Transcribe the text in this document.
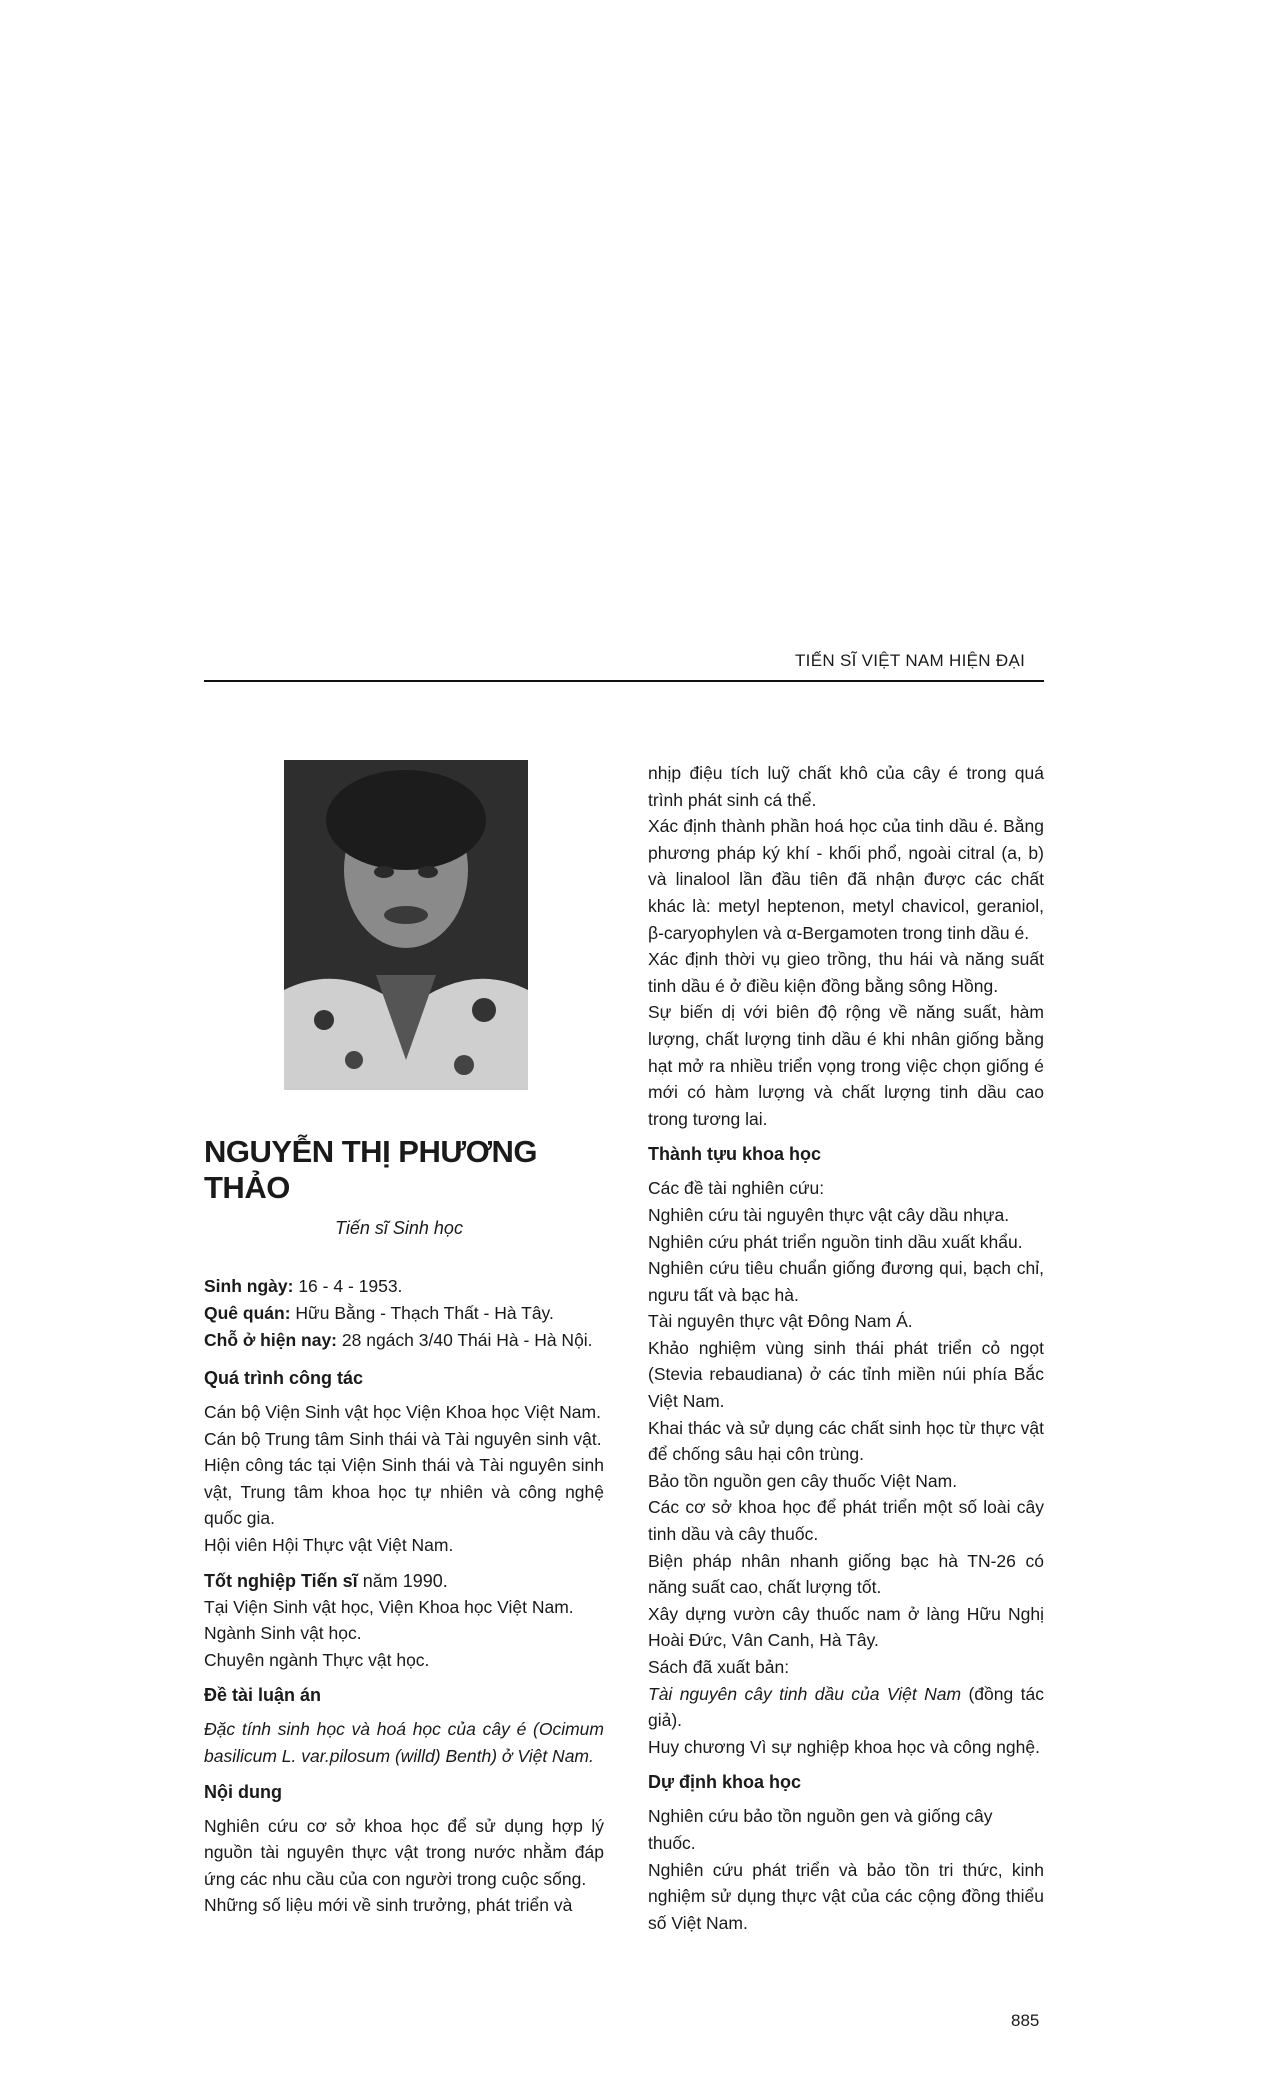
TIẾN SĨ VIỆT NAM HIỆN ĐẠI
NGUYỄN THỊ PHƯƠNG THẢO
Tiến sĩ Sinh học
Sinh ngày: 16 - 4 - 1953.
Quê quán: Hữu Bằng - Thạch Thất - Hà Tây.
Chỗ ở hiện nay: 28 ngách 3/40 Thái Hà - Hà Nội.
Quá trình công tác

Cán bộ Viện Sinh vật học Viện Khoa học Việt Nam.

Cán bộ Trung tâm Sinh thái và Tài nguyên sinh vật.

Hiện công tác tại Viện Sinh thái và Tài nguyên sinh vật, Trung tâm khoa học tự nhiên và công nghệ quốc gia.

Hội viên Hội Thực vật Việt Nam.

Tốt nghiệp Tiến sĩ năm 1990.

Tại Viện Sinh vật học, Viện Khoa học Việt Nam.

Ngành Sinh vật học.

Chuyên ngành Thực vật học.

Đề tài luận án

Đặc tính sinh học và hoá học của cây é (Ocimum basilicum L. var.pilosum (willd) Benth) ở Việt Nam.

Nội dung

Nghiên cứu cơ sở khoa học để sử dụng hợp lý nguồn tài nguyên thực vật trong nước nhằm đáp ứng các nhu cầu của con người trong cuộc sống.

Những số liệu mới về sinh trưởng, phát triển và

nhịp điệu tích luỹ chất khô của cây é trong quá trình phát sinh cá thể.

Xác định thành phần hoá học của tinh dầu é. Bằng phương pháp ký khí - khối phổ, ngoài citral (a, b) và linalool lần đầu tiên đã nhận được các chất khác là: metyl heptenon, metyl chavicol, geraniol, β-caryophylen và α-Bergamoten trong tinh dầu é.

Xác định thời vụ gieo trồng, thu hái và năng suất tinh dầu é ở điều kiện đồng bằng sông Hồng.

Sự biến dị với biên độ rộng về năng suất, hàm lượng, chất lượng tinh dầu é khi nhân giống bằng hạt mở ra nhiều triển vọng trong việc chọn giống é mới có hàm lượng và chất lượng tinh dầu cao trong tương lai.

Thành tựu khoa học

Các đề tài nghiên cứu:

Nghiên cứu tài nguyên thực vật cây dầu nhựa.

Nghiên cứu phát triển nguồn tinh dầu xuất khẩu.

Nghiên cứu tiêu chuẩn giống đương qui, bạch chỉ, ngưu tất và bạc hà.

Tài nguyên thực vật Đông Nam Á.

Khảo nghiệm vùng sinh thái phát triển cỏ ngọt (Stevia rebaudiana) ở các tỉnh miền núi phía Bắc Việt Nam.

Khai thác và sử dụng các chất sinh học từ thực vật để chống sâu hại côn trùng.

Bảo tồn nguồn gen cây thuốc Việt Nam.

Các cơ sở khoa học để phát triển một số loài cây tinh dầu và cây thuốc.

Biện pháp nhân nhanh giống bạc hà TN-26 có năng suất cao, chất lượng tốt.

Xây dựng vườn cây thuốc nam ở làng Hữu Nghị Hoài Đức, Vân Canh, Hà Tây.

Sách đã xuất bản:

Tài nguyên cây tinh dầu của Việt Nam (đồng tác giả).

Huy chương Vì sự nghiệp khoa học và công nghệ.

Dự định khoa học

Nghiên cứu bảo tồn nguồn gen và giống cây thuốc.

Nghiên cứu phát triển và bảo tồn tri thức, kinh nghiệm sử dụng thực vật của các cộng đồng thiểu số Việt Nam.

885
